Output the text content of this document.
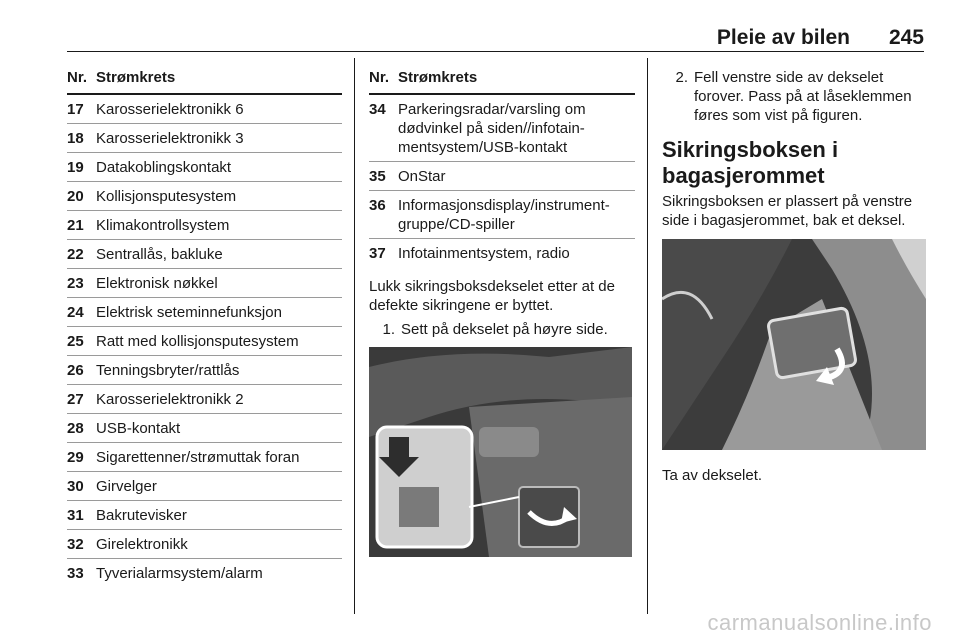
Pleie av bilen 245
Nr. Strømkrets
17 Karosserielektronikk 6
18 Karosserielektronikk 3
19 Datakoblingskontakt
20 Kollisjonsputesystem
21 Klimakontrollsystem
22 Sentrallås, bakluke
23 Elektronisk nøkkel
24 Elektrisk seteminnefunksjon
25 Ratt med kollisjonsputesystem
26 Tenningsbryter/rattlås
27 Karosserielektronikk 2
28 USB-kontakt
29 Sigarettenner/strømuttak foran
30 Girvelger
31 Bakrutevisker
32 Girelektronikk
33 Tyverialarmsystem/alarm
Nr. Strømkrets
34 Parkeringsradar/varsling om dødvinkel på siden//infotain-mentsystem/USB-kontakt
35 OnStar
36 Informasjonsdisplay/instrument-gruppe/CD-spiller
37 Infotainmentsystem, radio
Lukk sikringsboksdekselet etter at de defekte sikringene er byttet.
1. Sett på dekselet på høyre side.
2. Fell venstre side av dekselet forover. Pass på at låseklemmen føres som vist på figuren.
Sikringsboksen i bagasjerommet
Sikringsboksen er plassert på venstre side i bagasjerommet, bak et deksel.
Ta av dekselet.
carmanualsonline.info
